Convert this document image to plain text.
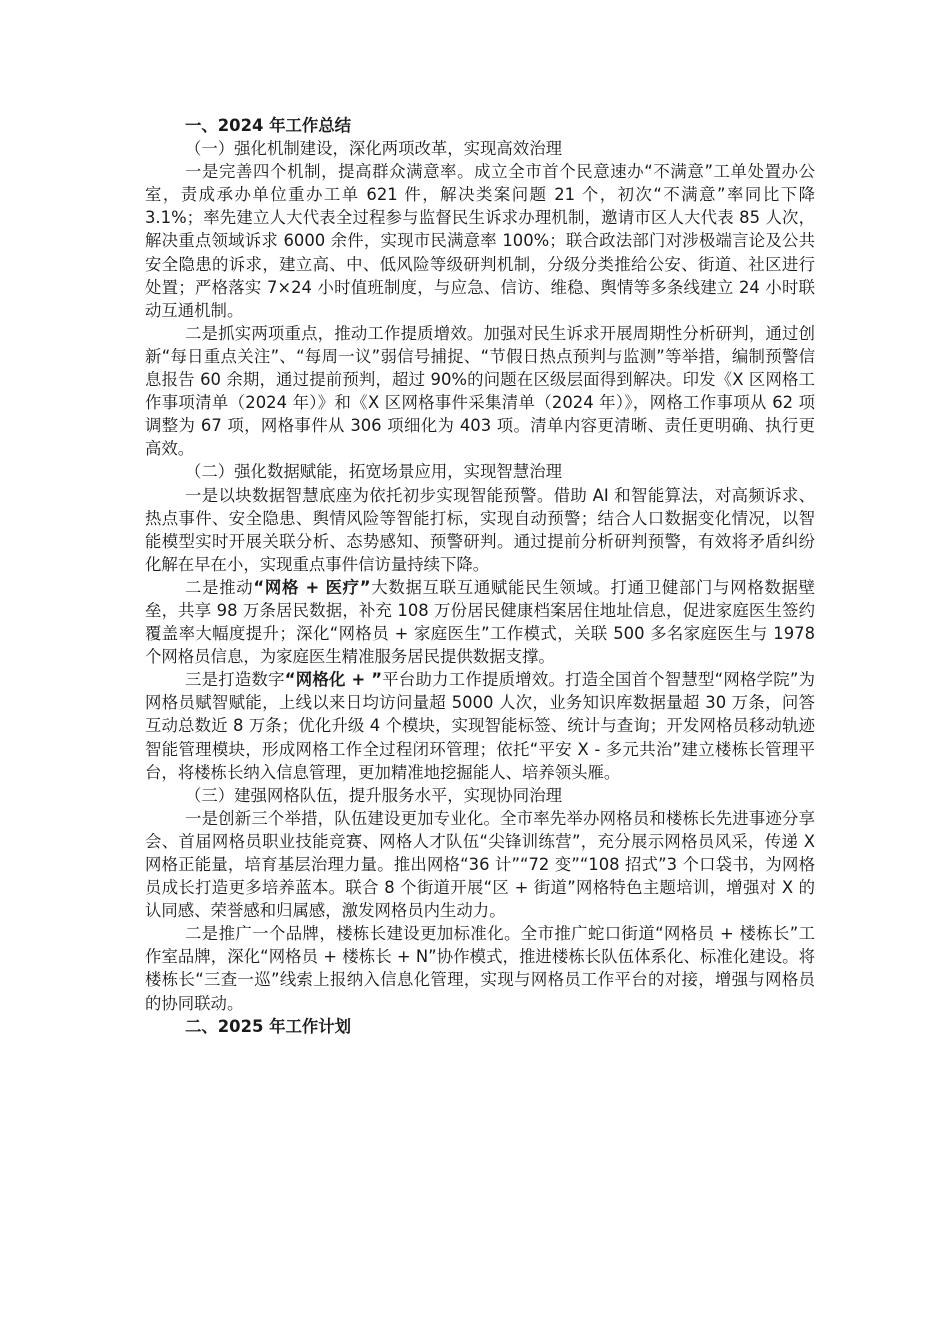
一、2024 年工作总结

（一）强化机制建设，深化两项改革，实现高效治理

一是完善四个机制，提高群众满意率。成立全市首个民意速办“不满意”工单处置办公室，责成承办单位重办工单 621 件，解决类案问题 21 个，初次“不满意”率同比下降 3.1%；率先建立人大代表全过程参与监督民生诉求办理机制，邀请市区人大代表 85 人次，解决重点领域诉求 6000 余件，实现市民满意率 100%；联合政法部门对涉极端言论及公共安全隐患的诉求，建立高、中、低风险等级研判机制，分级分类推给公安、街道、社区进行处置；严格落实 7×24 小时值班制度，与应急、信访、维稳、舆情等多条线建立 24 小时联动互通机制。

二是抓实两项重点，推动工作提质增效。加强对民生诉求开展周期性分析研判，通过创新“每日重点关注”、“每周一议”弱信号捕捉、“节假日热点预判与监测”等举措，编制预警信息报告 60 余期，通过提前预判，超过 90%的问题在区级层面得到解决。印发《X 区网格工作事项清单（2024 年）》和《X 区网格事件采集清单（2024 年）》，网格工作事项从 62 项调整为 67 项，网格事件从 306 项细化为 403 项。清单内容更清晰、责任更明确、执行更高效。

（二）强化数据赋能，拓宽场景应用，实现智慧治理

一是以块数据智慧底座为依托初步实现智能预警。借助 AI 和智能算法，对高频诉求、热点事件、安全隐患、舆情风险等智能打标，实现自动预警；结合人口数据变化情况，以智能模型实时开展关联分析、态势感知、预警研判。通过提前分析研判预警，有效将矛盾纠纷化解在早在小，实现重点事件信访量持续下降。

二是推动“网格 + 医疗”大数据互联互通赋能民生领域。打通卫健部门与网格数据壁垒，共享 98 万条居民数据，补充 108 万份居民健康档案居住地址信息，促进家庭医生签约覆盖率大幅度提升；深化“网格员 + 家庭医生”工作模式，关联 500 多名家庭医生与 1978 个网格员信息，为家庭医生精准服务居民提供数据支撑。

三是打造数字“网格化 + ”平台助力工作提质增效。打造全国首个智慧型“网格学院”为网格员赋智赋能，上线以来日均访问量超 5000 人次，业务知识库数据量超 30 万条，问答互动总数近 8 万条；优化升级 4 个模块，实现智能标签、统计与查询；开发网格员移动轨迹智能管理模块，形成网格工作全过程闭环管理；依托“平安 X - 多元共治”建立楼栋长管理平台，将楼栋长纳入信息管理，更加精准地挖掘能人、培养领头雁。

（三）建强网格队伍，提升服务水平，实现协同治理

一是创新三个举措，队伍建设更加专业化。全市率先举办网格员和楼栋长先进事迹分享会、首届网格员职业技能竞赛、网格人才队伍“尖锋训练营”，充分展示网格员风采，传递 X 网格正能量，培育基层治理力量。推出网格“36 计”“72 变”“108 招式”3 个口袋书，为网格员成长打造更多培养蓝本。联合 8 个街道开展“区 + 街道”网格特色主题培训，增强对 X 的认同感、荣誉感和归属感，激发网格员内生动力。

二是推广一个品牌，楼栋长建设更加标准化。全市推广蛇口街道“网格员 + 楼栋长”工作室品牌，深化“网格员 + 楼栋长 + N”协作模式，推进楼栋长队伍体系化、标准化建设。将楼栋长“三查一巡”线索上报纳入信息化管理，实现与网格员工作平台的对接，增强与网格员的协同联动。

二、2025 年工作计划
